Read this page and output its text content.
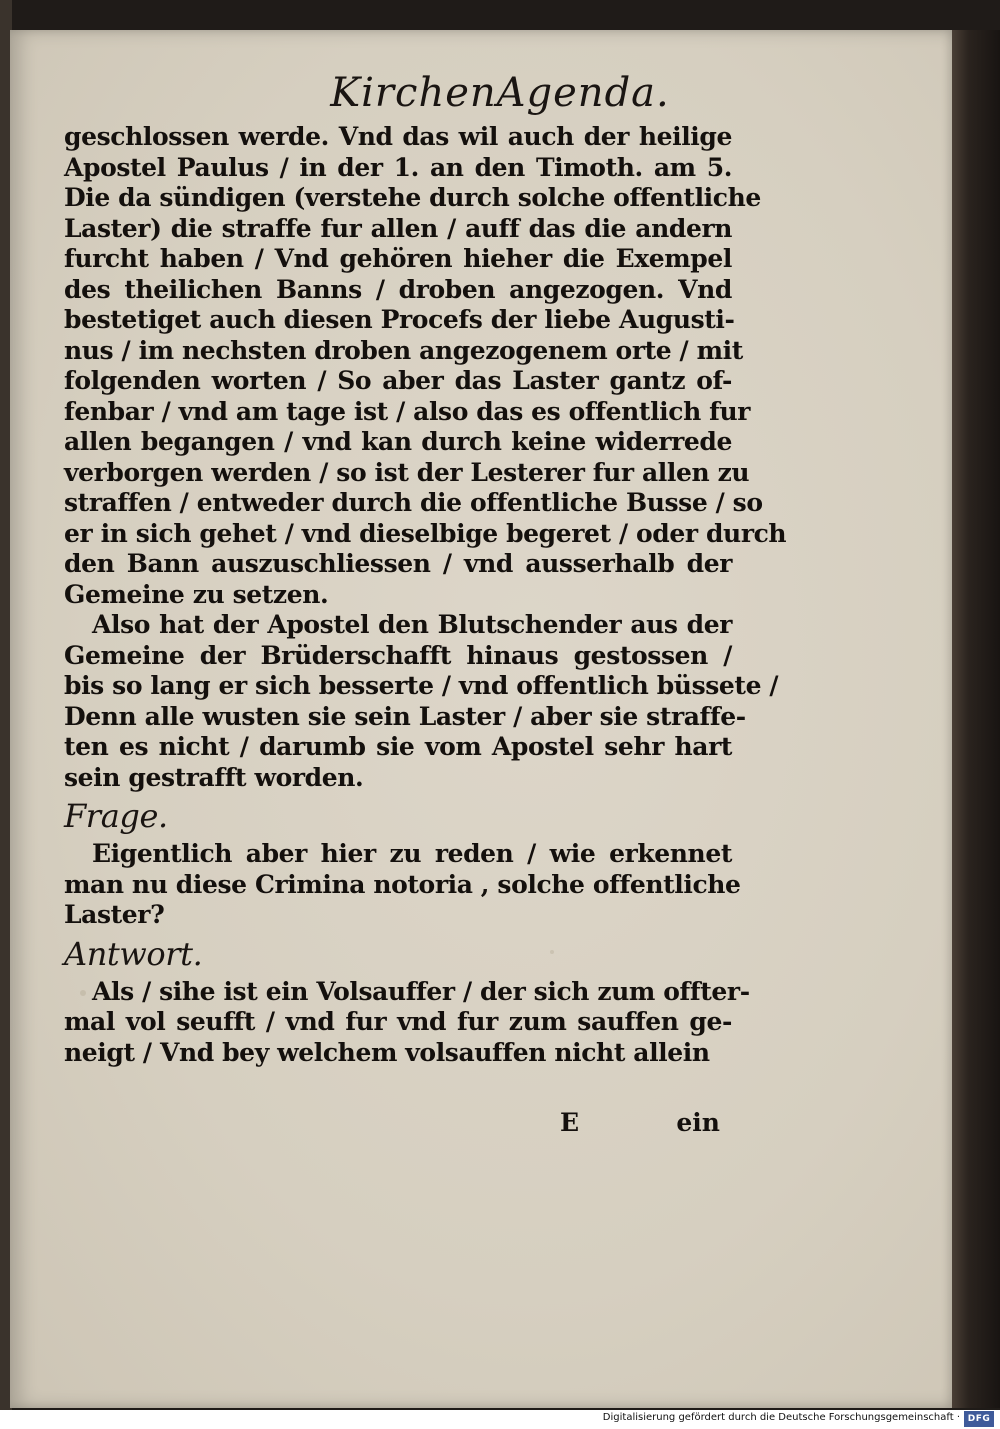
KirchenAgenda.
geschlossen werde. Vnd das wil auch der heilige
Apostel Paulus / in der 1. an den Timoth. am 5.
Die da sündigen (verstehe durch solche offentliche
Laster) die straffe fur allen / auff das die andern
furcht haben / Vnd gehören hieher die Exempel
des theilichen Banns / droben angezogen. Vnd
bestetiget auch diesen Procefs der liebe Augusti-
nus / im nechsten droben angezogenem orte / mit
folgenden worten / So aber das Laster gantz of-
fenbar / vnd am tage ist / also das es offentlich fur
allen begangen / vnd kan durch keine widerrede
verborgen werden / so ist der Lesterer fur allen zu
straffen / entweder durch die offentliche Busse / so
er in sich gehet / vnd dieselbige begeret / oder durch
den Bann auszuschliessen / vnd ausserhalb der
Gemeine zu setzen.
Also hat der Apostel den Blutschender aus der
Gemeine der Brüderschafft hinaus gestossen /
bis so lang er sich besserte / vnd offentlich büssete /
Denn alle wusten sie sein Laster / aber sie straffe-
ten es nicht / darumb sie vom Apostel sehr hart
sein gestrafft worden.
Frage.
Eigentlich aber hier zu reden / wie erkennet
man nu diese Crimina notoria , solche offentliche
Laster?
Antwort.
Als / sihe ist ein Volsauffer / der sich zum offter-
mal vol seufft / vnd fur vnd fur zum sauffen ge-
neigt / Vnd bey welchem volsauffen nicht allein
E	ein
Digitalisierung gefördert durch die Deutsche Forschungsgemeinschaft · DFG
